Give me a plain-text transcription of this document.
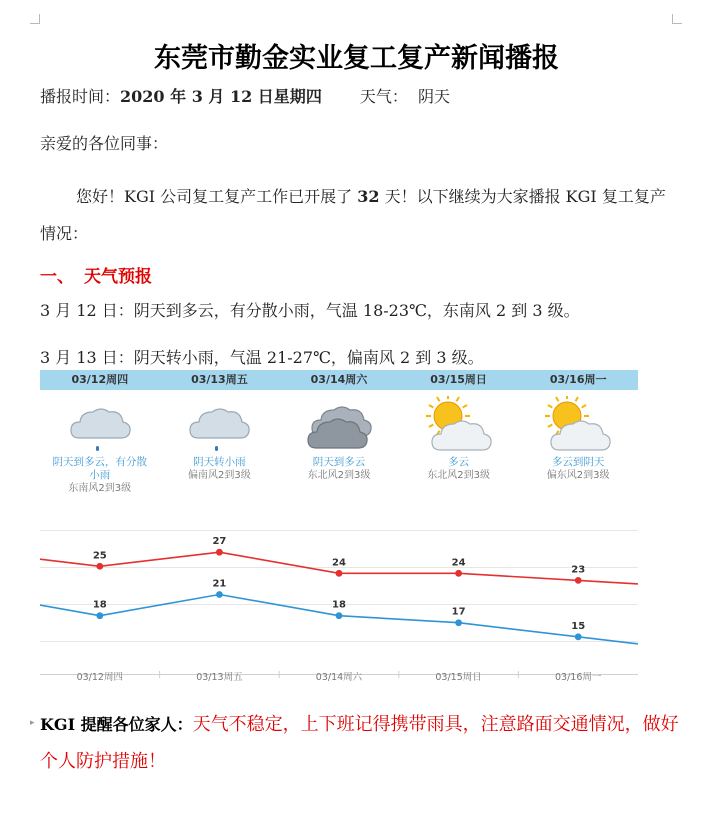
东莞市勤金实业复工复产新闻播报
播报时间：2020 年 3 月 12 日星期四 天气： 阴天
亲爱的各位同事：
您好！KGI 公司复工复产工作已开展了 32 天！以下继续为大家播报 KGI 复工复产情况：
一、 天气预报
3 月 12 日：阴天到多云，有分散小雨，气温 18-23℃，东南风 2 到 3 级。
3 月 13 日：阴天转小雨，气温 21-27℃，偏南风 2 到 3 级。
03/12周四
阴天到多云，有分散小雨
东南风2到3级
03/13周五
阴天转小雨
偏南风2到3级
03/14周六
阴天到多云
东北风2到3级
03/15周日
多云
东北风2到3级
03/16周一
多云到阴天
偏东风2到3级
25
27
24	24
23
18
21
18
17
15
03/12周四	03/13周五	03/14周六	03/15周日	03/16周一
▸ KGI 提醒各位家人：天气不稳定，上下班记得携带雨具，注意路面交通情况，做好个人防护措施！
